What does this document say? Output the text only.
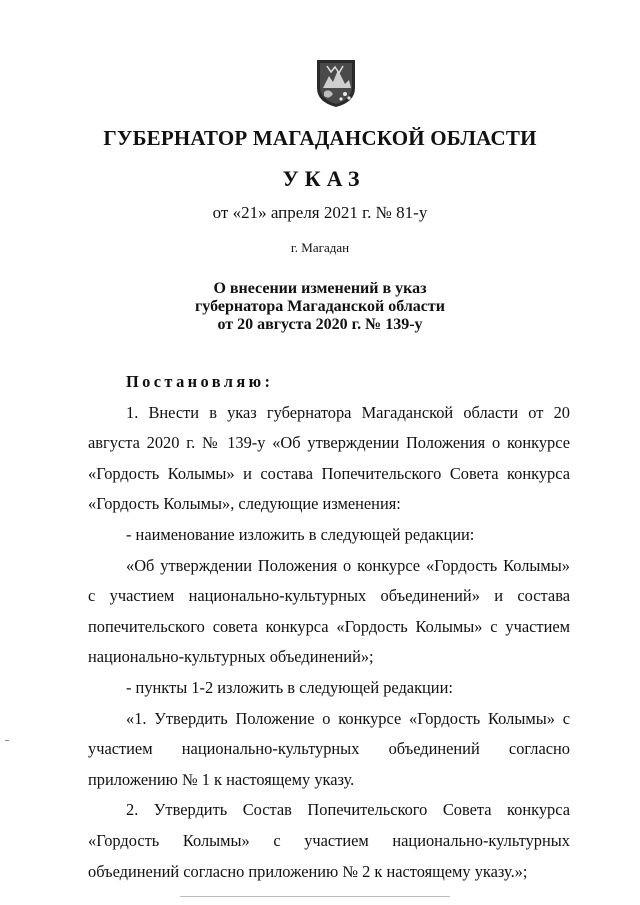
ГУБЕРНАТОР МАГАДАНСКОЙ ОБЛАСТИ
УКАЗ
от «21» апреля 2021 г. № 81-у
г. Магадан
О внесении изменений в указ
губернатора Магаданской области
от 20 августа 2020 г. № 139-у

Постановляю:

1. Внести в указ губернатора Магаданской области от 20 августа 2020 г. № 139-у «Об утверждении Положения о конкурсе «Гордость Колымы» и состава Попечительского Совета конкурса «Гордость Колымы», следующие изменения:

- наименование изложить в следующей редакции:

«Об утверждении Положения о конкурсе «Гордость Колымы» с участием национально-культурных объединений» и состава попечительского совета конкурса «Гордость Колымы» с участием национально-культурных объединений»;

- пункты 1-2 изложить в следующей редакции:

«1. Утвердить Положение о конкурсе «Гордость Колымы» с участием национально-культурных объединений согласно приложению № 1 к настоящему указу.

2. Утвердить Состав Попечительского Совета конкурса «Гордость Колымы» с участием национально-культурных объединений согласно приложению № 2 к настоящему указу.»;
